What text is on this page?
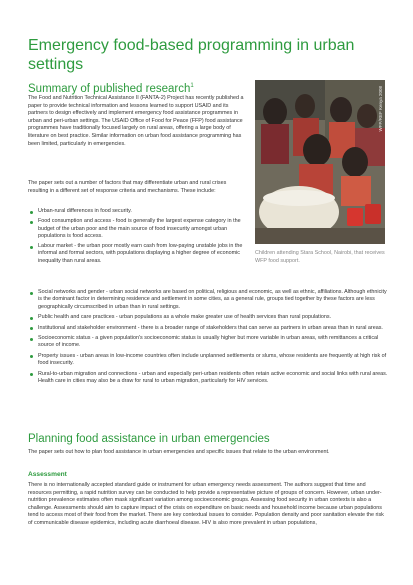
Emergency food-based programming in urban settings
Summary of published research$^1$

The Food and Nutrition Technical Assistance II (FANTA-2) Project has recently published a paper to provide technical information and lessons learned to support USAID and its partners to design effectively and implement emergency food assistance programmes in urban and peri-urban settings. The USAID Office of Food for Peace (FFP) food assistance programmes have traditionally focused largely on rural areas, offering a large body of literature on best practice. Similar information on urban food assistance programming has been limited, particularly in emergencies.

The paper sets out a number of factors that may differentiate urban and rural crises resulting in a different set of response criteria and mechanisms. These include:

Urban-rural differences in food security.
Food consumption and access - food is generally the largest expense category in the budget of the urban poor and the main source of food insecurity amongst urban populations is food access.
Labour market - the urban poor mostly earn cash from low-paying unstable jobs in the informal and formal sectors, with populations displaying a higher degree of economic inequality than rural areas.
WFP/REF Kenya 2008

Children attending Stara School, Nairobi, that receives WFP food support.

Social networks and gender - urban social networks are based on political, religious and economic, as well as ethnic, affiliations. Although ethnicity is the dominant factor in determining residence and settlement in some cities, as a general rule, groups tied together by these factors are less geographically circumscribed in urban than in rural settings.
Public health and care practices - urban populations as a whole make greater use of health services than rural populations.
Institutional and stakeholder environment - there is a broader range of stakeholders that can serve as partners in urban areas than in rural areas.
Socioeconomic status - a given population's socioeconomic status is usually higher but more variable in urban areas, with remittances a critical source of income.
Property issues - urban areas in low-income countries often include unplanned settlements or slums, whose residents are frequently at high risk of food insecurity.
Rural-to-urban migration and connections - urban and especially peri-urban residents often retain active economic and social links with rural areas. Health care in cities may also be a draw for rural to urban migration, particularly for HIV services.
Planning food assistance in urban emergencies

The paper sets out how to plan food assistance in urban emergencies and specific issues that relate to the urban environment.

Assessment

There is no internationally accepted standard guide or instrument for urban emergency needs assessment. The authors suggest that time and resources permitting, a rapid nutrition survey can be conducted to help provide a representative picture of groups of concern. However, urban under-nutrition prevalence estimates often mask significant variation among socioeconomic groups. Assessing food security in urban contexts is also a challenge. Assessments should aim to capture impact of the crisis on expenditure on basic needs and household income because urban populations tend to access most of their food from the market. There are key contextual issues to consider. Population density and poor sanitation elevate the risk of communicable disease epidemics, including acute diarrhoeal disease. HIV is also more prevalent in urban populations,
